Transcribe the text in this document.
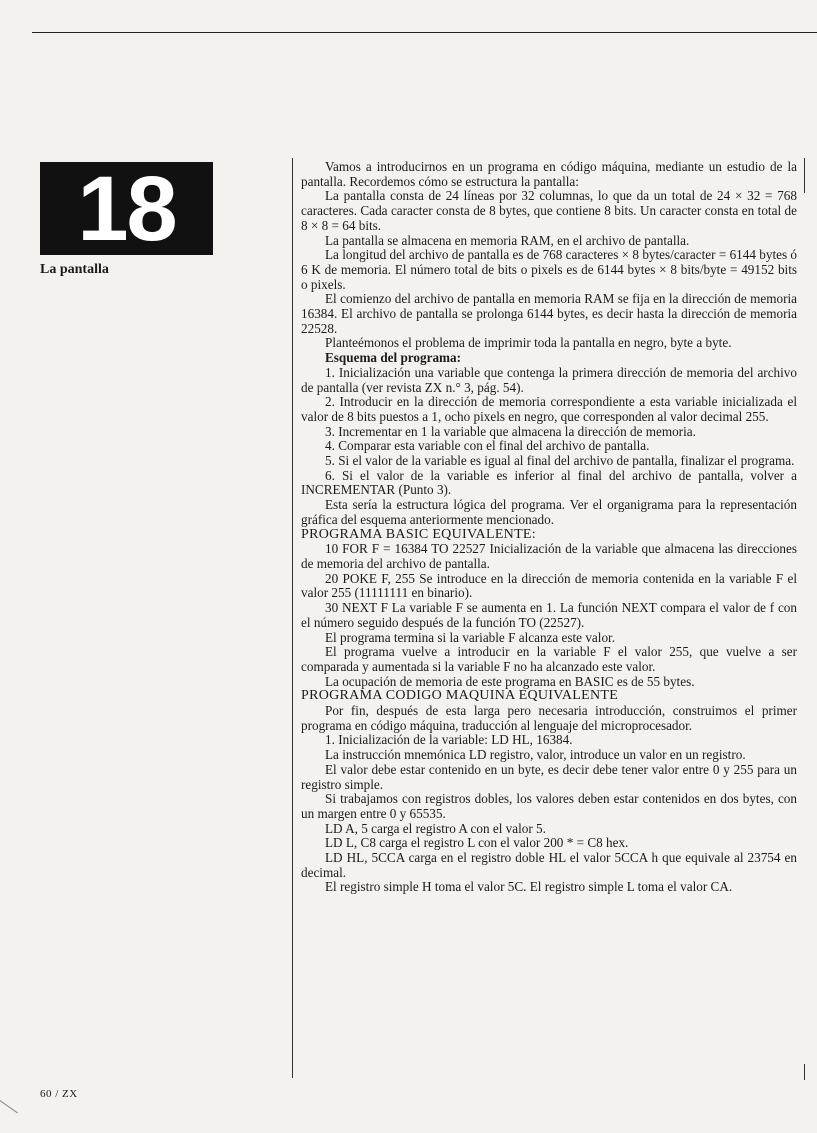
18
La pantalla

Vamos a introducirnos en un programa en código máquina, mediante un estudio de la pantalla. Recordemos cómo se estructura la pantalla:

La pantalla consta de 24 líneas por 32 columnas, lo que da un total de 24 × 32 = 768 caracteres. Cada caracter consta de 8 bytes, que contiene 8 bits. Un caracter consta en total de 8 × 8 = 64 bits.

La pantalla se almacena en memoria RAM, en el archivo de pantalla.

La longitud del archivo de pantalla es de 768 caracteres × 8 bytes/caracter = 6144 bytes ó 6 K de memoria. El número total de bits o pixels es de 6144 bytes × 8 bits/byte = 49152 bits o pixels.

El comienzo del archivo de pantalla en memoria RAM se fija en la dirección de memoria 16384. El archivo de pantalla se prolonga 6144 bytes, es decir hasta la dirección de memoria 22528.

Planteémonos el problema de imprimir toda la pantalla en negro, byte a byte.

Esquema del programa:

1. Inicialización una variable que contenga la primera dirección de memoria del archivo de pantalla (ver revista ZX n.° 3, pág. 54).

2. Introducir en la dirección de memoria correspondiente a esta variable inicializada el valor de 8 bits puestos a 1, ocho pixels en negro, que corresponden al valor decimal 255.

3. Incrementar en 1 la variable que almacena la dirección de memoria.

4. Comparar esta variable con el final del archivo de pantalla.

5. Si el valor de la variable es igual al final del archivo de pantalla, finalizar el programa.

6. Si el valor de la variable es inferior al final del archivo de pantalla, volver a INCREMENTAR (Punto 3).

Esta sería la estructura lógica del programa. Ver el organigrama para la representación gráfica del esquema anteriormente mencionado.

PROGRAMA BASIC EQUIVALENTE:

10 FOR F = 16384 TO 22527 Inicialización de la variable que almacena las direcciones de memoria del archivo de pantalla.

20 POKE F, 255 Se introduce en la dirección de memoria contenida en la variable F el valor 255 (11111111 en binario).

30 NEXT F La variable F se aumenta en 1. La función NEXT compara el valor de f con el número seguido después de la función TO (22527).

El programa termina si la variable F alcanza este valor.

El programa vuelve a introducir en la variable F el valor 255, que vuelve a ser comparada y aumentada si la variable F no ha alcanzado este valor.

La ocupación de memoria de este programa en BASIC es de 55 bytes.

PROGRAMA CODIGO MAQUINA EQUIVALENTE

Por fin, después de esta larga pero necesaria introducción, construimos el primer programa en código máquina, traducción al lenguaje del microprocesador.

1. Inicialización de la variable: LD HL, 16384.

La instrucción mnemónica LD registro, valor, introduce un valor en un registro.

El valor debe estar contenido en un byte, es decir debe tener valor entre 0 y 255 para un registro simple.

Si trabajamos con registros dobles, los valores deben estar contenidos en dos bytes, con un margen entre 0 y 65535.

LD A, 5 carga el registro A con el valor 5.

LD L, C8 carga el registro L con el valor 200 * = C8 hex.

LD HL, 5CCA carga en el registro doble HL el valor 5CCA h que equivale al 23754 en decimal.

El registro simple H toma el valor 5C. El registro simple L toma el valor CA.

60 / ZX
